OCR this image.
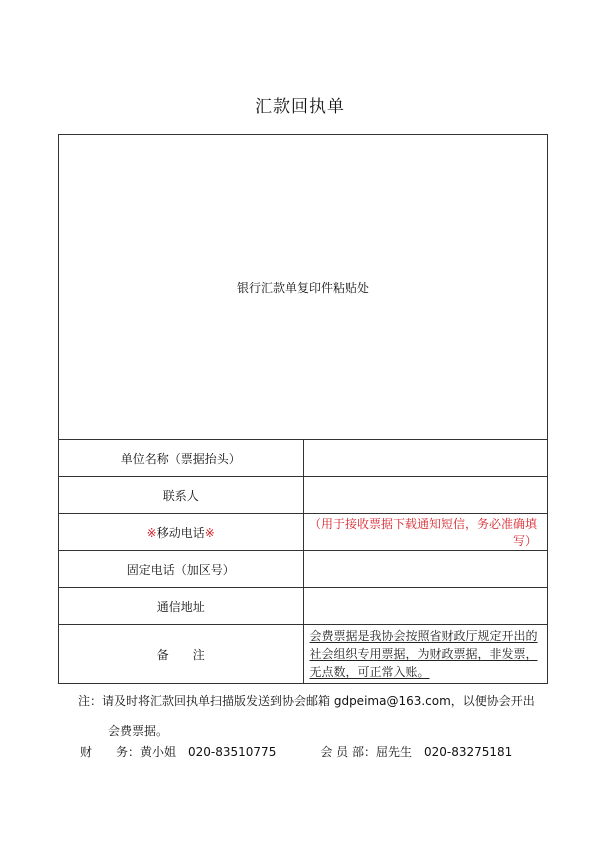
汇款回执单
银行汇款单复印件粘贴处	
单位名称（票据抬头）	
联系人	
※移动电话※	（用于接收票据下载通知短信，务必准确填写）
固定电话（加区号）	
通信地址	
备　　注	会费票据是我协会按照省财政厅规定开出的社会组织专用票据，为财政票据，非发票，无点数，可正常入账。
注：请及时将汇款回执单扫描版发送到协会邮箱 gdpeima@163.com，以便协会开出
会费票据。
财　　务：黄小姐　020-83510775	会 员 部：屈先生　020-83275181
